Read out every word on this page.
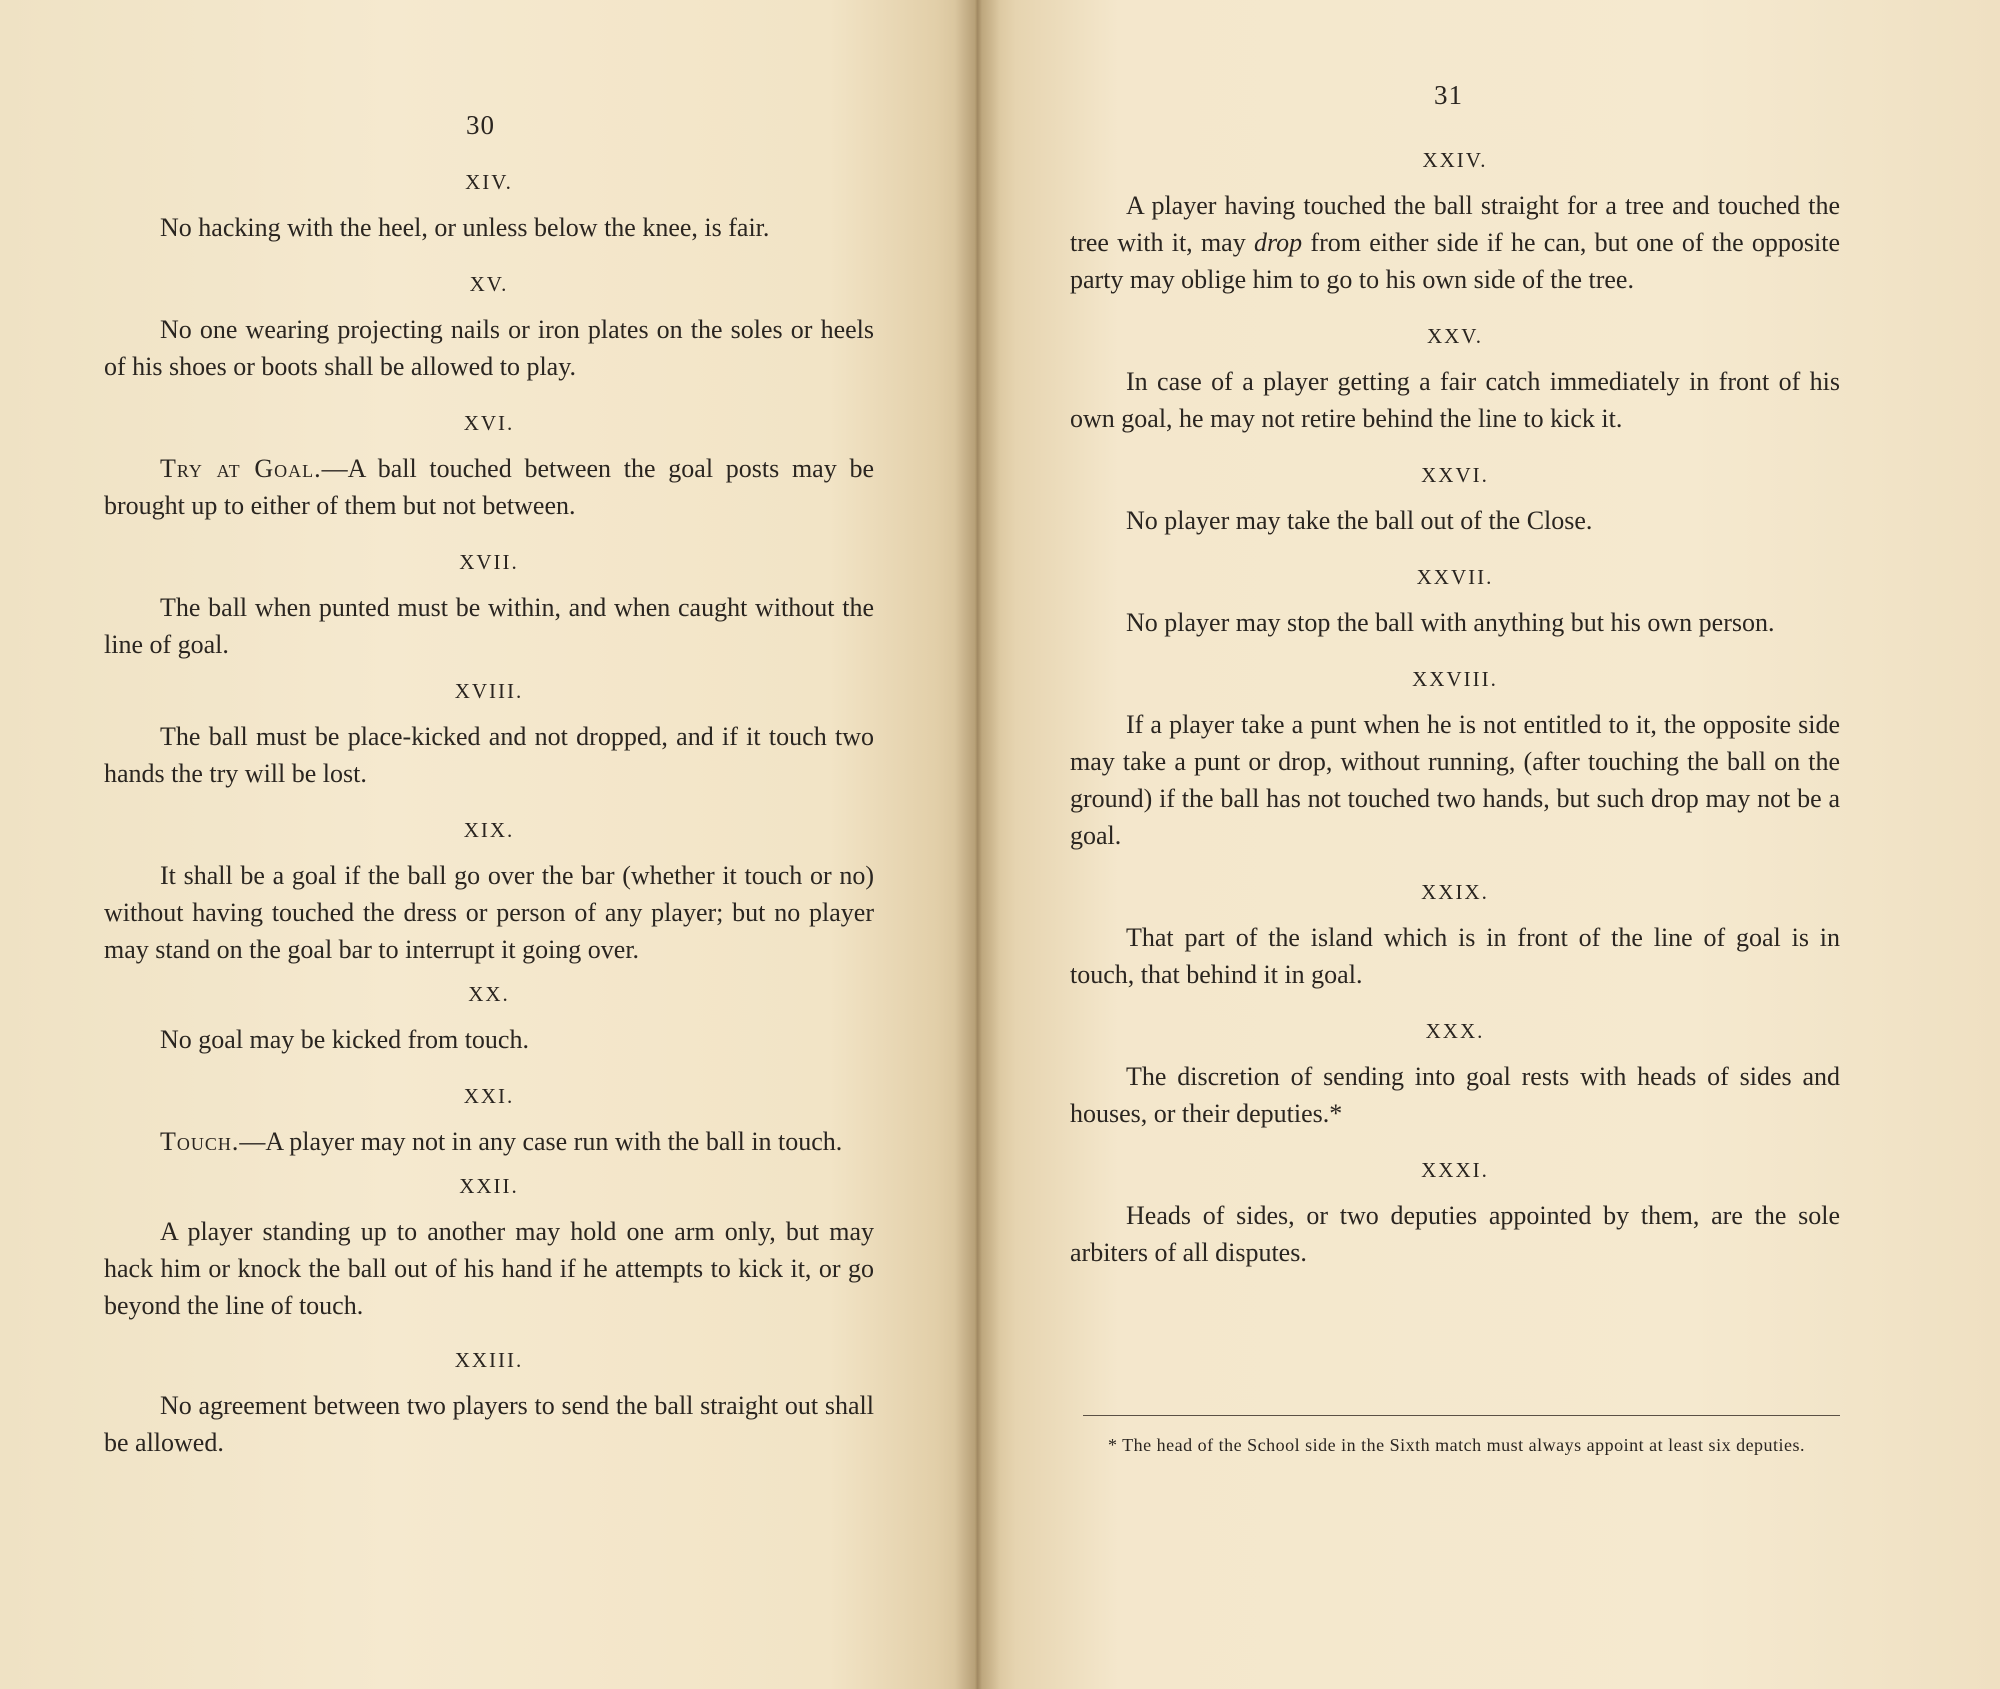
30
XIV.

No hacking with the heel, or unless below the knee, is fair.

XV.

No one wearing projecting nails or iron plates on the soles or heels of his shoes or boots shall be allowed to play.

XVI.

Try at Goal.—A ball touched between the goal posts may be brought up to either of them but not between.

XVII.

The ball when punted must be within, and when caught without the line of goal.

XVIII.

The ball must be place-kicked and not dropped, and if it touch two hands the try will be lost.

XIX.

It shall be a goal if the ball go over the bar (whether it touch or no) without having touched the dress or person of any player; but no player may stand on the goal bar to interrupt it going over.

XX.

No goal may be kicked from touch.

XXI.

Touch.—A player may not in any case run with the ball in touch.

XXII.

A player standing up to another may hold one arm only, but may hack him or knock the ball out of his hand if he attempts to kick it, or go beyond the line of touch.

XXIII.

No agreement between two players to send the ball straight out shall be allowed.

31
XXIV.

A player having touched the ball straight for a tree and touched the tree with it, may drop from either side if he can, but one of the opposite party may oblige him to go to his own side of the tree.

XXV.

In case of a player getting a fair catch immediately in front of his own goal, he may not retire behind the line to kick it.

XXVI.

No player may take the ball out of the Close.

XXVII.

No player may stop the ball with anything but his own person.

XXVIII.

If a player take a punt when he is not entitled to it, the opposite side may take a punt or drop, without running, (after touching the ball on the ground) if the ball has not touched two hands, but such drop may not be a goal.

XXIX.

That part of the island which is in front of the line of goal is in touch, that behind it in goal.

XXX.

The discretion of sending into goal rests with heads of sides and houses, or their deputies.*

XXXI.

Heads of sides, or two deputies appointed by them, are the sole arbiters of all disputes.

* The head of the School side in the Sixth match must always appoint at least six deputies.
